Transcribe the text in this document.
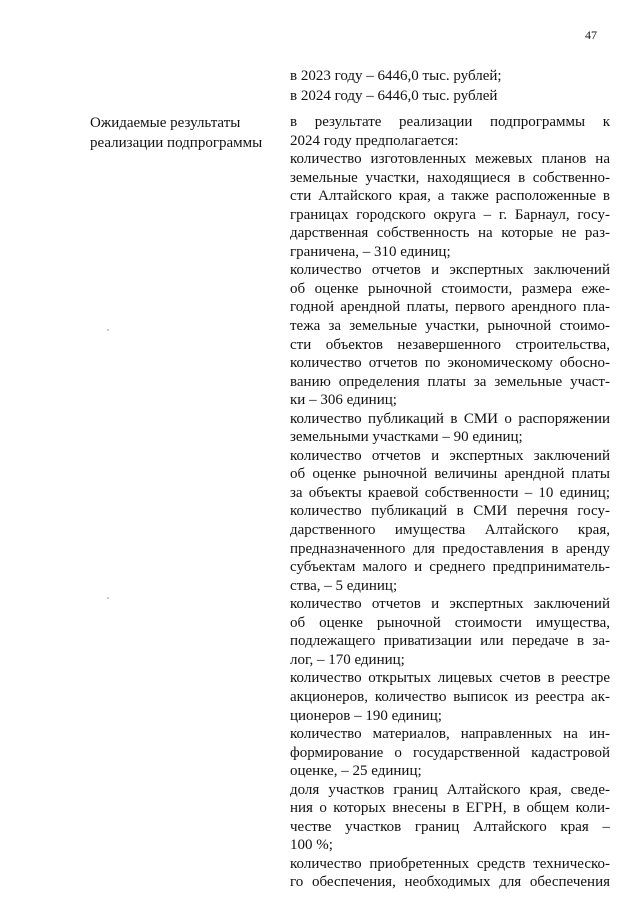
47
в 2023 году – 6446,0 тыс. рублей;
в 2024 году – 6446,0 тыс. рублей
Ожидаемые результаты
реализации подпрограммы
в результате реализации подпрограммы к
2024 году предполагается:
количество изготовленных межевых планов на
земельные участки, находящиеся в собственно-
сти Алтайского края, а также расположенные в
границах городского округа – г. Барнаул, госу-
дарственная собственность на которые не раз-
граничена, – 310 единиц;
количество отчетов и экспертных заключений
об оценке рыночной стоимости, размера еже-
годной арендной платы, первого арендного пла-
тежа за земельные участки, рыночной стоимо-
сти объектов незавершенного строительства,
количество отчетов по экономическому обосно-
ванию определения платы за земельные участ-
ки – 306 единиц;
количество публикаций в СМИ о распоряжении
земельными участками – 90 единиц;
количество отчетов и экспертных заключений
об оценке рыночной величины арендной платы
за объекты краевой собственности – 10 единиц;
количество публикаций в СМИ перечня госу-
дарственного имущества Алтайского края,
предназначенного для предоставления в аренду
субъектам малого и среднего предприниматель-
ства, – 5 единиц;
количество отчетов и экспертных заключений
об оценке рыночной стоимости имущества,
подлежащего приватизации или передаче в за-
лог, – 170 единиц;
количество открытых лицевых счетов в реестре
акционеров, количество выписок из реестра ак-
ционеров – 190 единиц;
количество материалов, направленных на ин-
формирование о государственной кадастровой
оценке, – 25 единиц;
доля участков границ Алтайского края, сведе-
ния о которых внесены в ЕГРН, в общем коли-
честве участков границ Алтайского края –
100 %;
количество приобретенных средств техническо-
го обеспечения, необходимых для обеспечения
